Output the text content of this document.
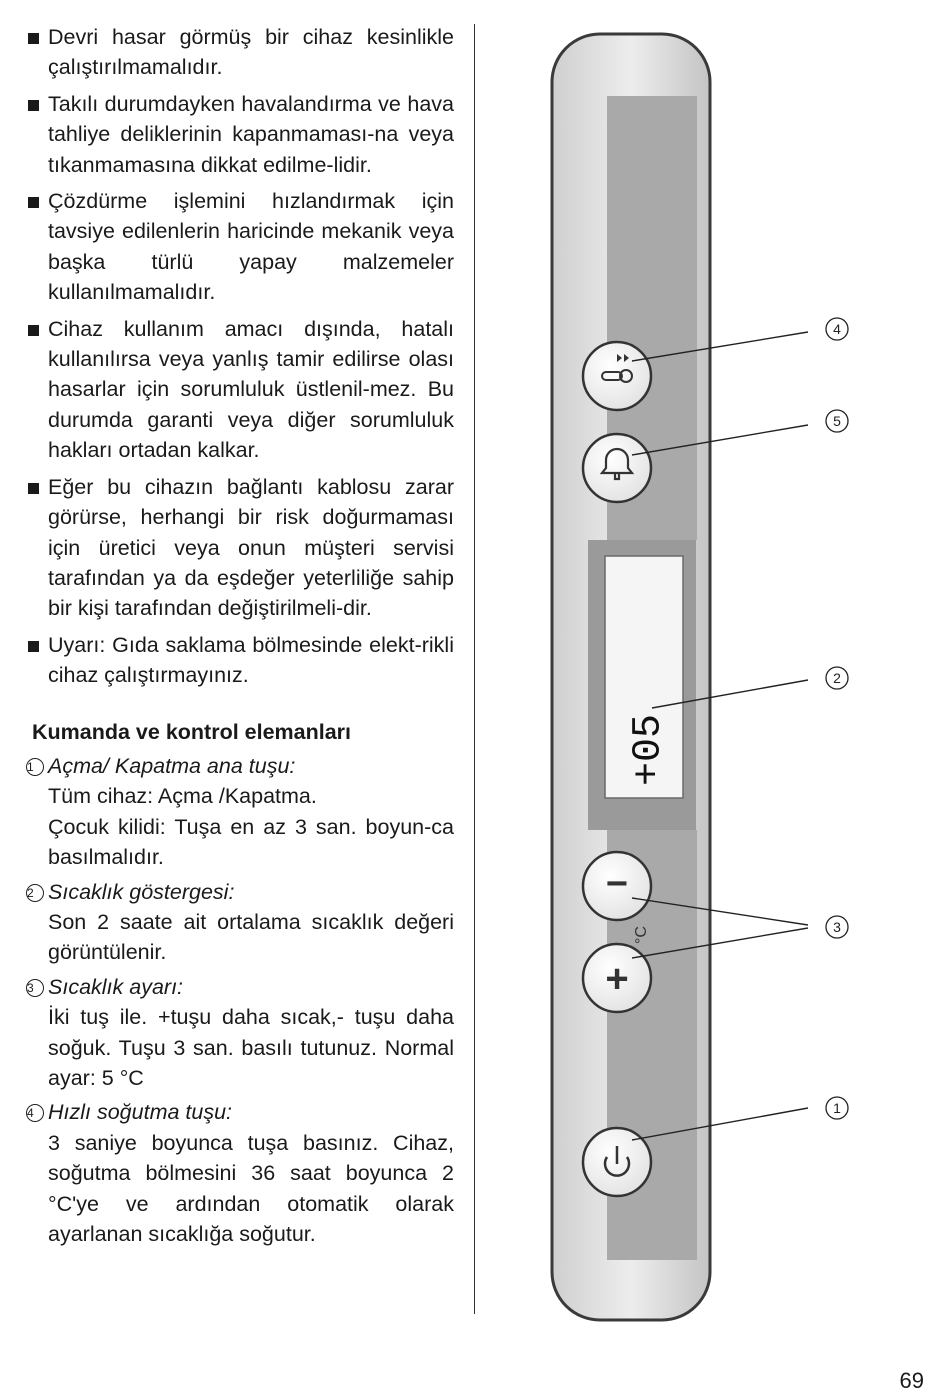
Devri hasar görmüş bir cihaz kesinlikle çalıştırılmamalıdır.
Takılı durumdayken havalandırma ve hava tahliye deliklerinin kapanmaması-na veya tıkanmamasına dikkat edilme-lidir.
Çözdürme işlemini hızlandırmak için tavsiye edilenlerin haricinde mekanik veya başka türlü yapay malzemeler kullanılmamalıdır.
Cihaz kullanım amacı dışında, hatalı kullanılırsa veya yanlış tamir edilirse olası hasarlar için sorumluluk üstlenil-mez. Bu durumda garanti veya diğer sorumluluk hakları ortadan kalkar.
Eğer bu cihazın bağlantı kablosu zarar görürse, herhangi bir risk doğurmaması için üretici veya onun müşteri servisi tarafından ya da eşdeğer yeterliliğe sahip bir kişi tarafından değiştirilmeli-dir.
Uyarı: Gıda saklama bölmesinde elekt-rikli cihaz çalıştırmayınız.
Kumanda ve kontrol elemanları
1 Açma/ Kapatma ana tuşu:
Tüm cihaz: Açma /Kapatma.
Çocuk kilidi: Tuşa en az 3 san. boyun-ca basılmalıdır.
2 Sıcaklık göstergesi:
Son 2 saate ait ortalama sıcaklık değeri görüntülenir.
3 Sıcaklık ayarı:
İki tuş ile. +tuşu daha sıcak,- tuşu daha soğuk. Tuşu 3 san. basılı tutunuz. Normal ayar: 5 °C
4 Hızlı soğutma tuşu:
3 saniye boyunca tuşa basınız. Cihaz, soğutma bölmesini 36 saat boyunca 2 °C'ye ve ardından otomatik olarak ayarlanan sıcaklığa soğutur.
+05
−
°C
+
4
5
2
3
1
69
